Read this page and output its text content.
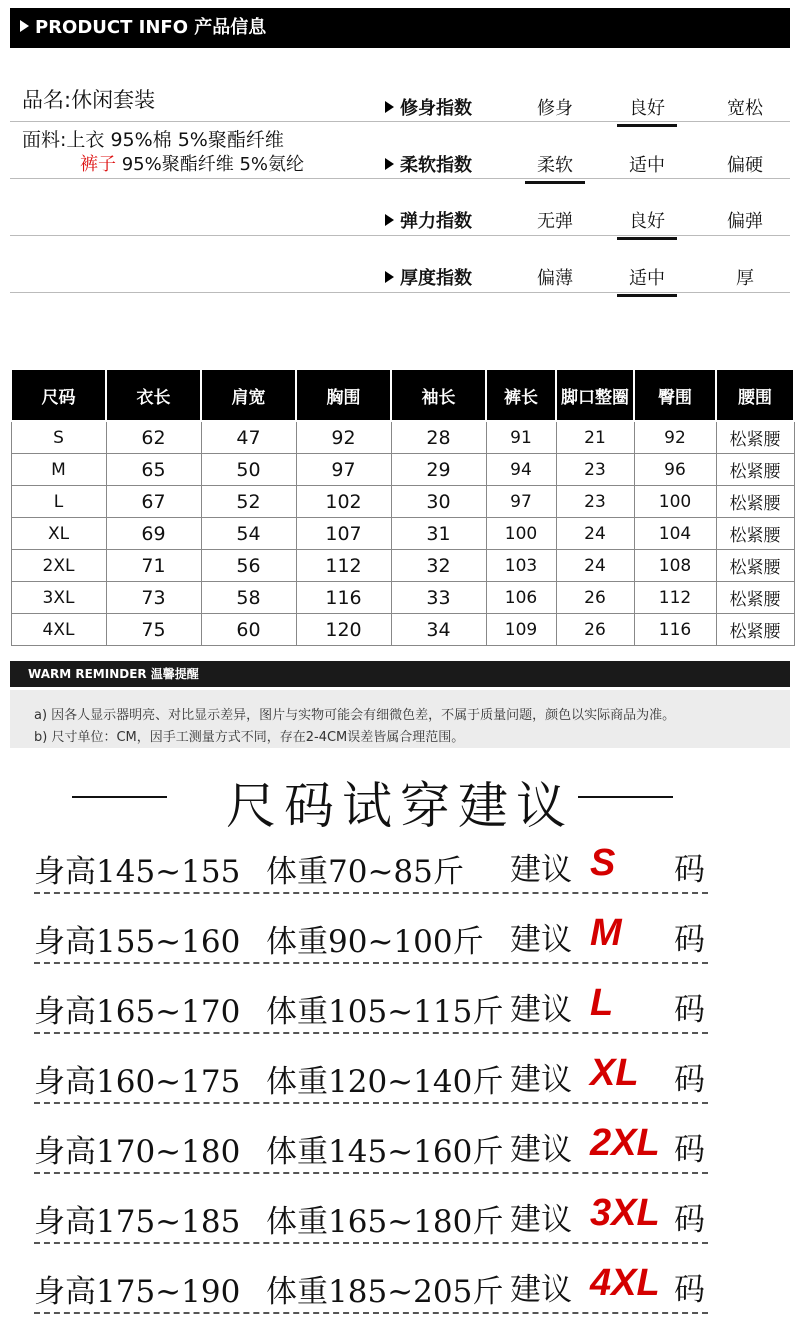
PRODUCT INFO 产品信息
品名:休闲套装
面料:上衣 95%棉 5%聚酯纤维
裤子 95%聚酯纤维 5%氨纶
修身指数	修身	良好	宽松
柔软指数	柔软	适中	偏硬
弹力指数	无弹	良好	偏弹
厚度指数	偏薄	适中	厚
尺码	衣长	肩宽	胸围	袖长	裤长	脚口整圈	臀围	腰围
S	62	47	92	28	91	21	92	松紧腰
M	65	50	97	29	94	23	96	松紧腰
L	67	52	102	30	97	23	100	松紧腰
XL	69	54	107	31	100	24	104	松紧腰
2XL	71	56	112	32	103	24	108	松紧腰
3XL	73	58	116	33	106	26	112	松紧腰
4XL	75	60	120	34	109	26	116	松紧腰
WARM REMINDER 温馨提醒
a) 因各人显示器明亮、对比显示差异，图片与实物可能会有细微色差，不属于质量问题，颜色以实际商品为准。
b) 尺寸单位：CM，因手工测量方式不同，存在2-4CM误差皆属合理范围。
尺码试穿建议
身高145~155 体重70~85斤 建议 S 码
身高155~160 体重90~100斤 建议 M 码
身高165~170 体重105~115斤 建议 L 码
身高160~175 体重120~140斤 建议 XL 码
身高170~180 体重145~160斤 建议 2XL 码
身高175~185 体重165~180斤 建议 3XL 码
身高175~190 体重185~205斤 建议 4XL 码
